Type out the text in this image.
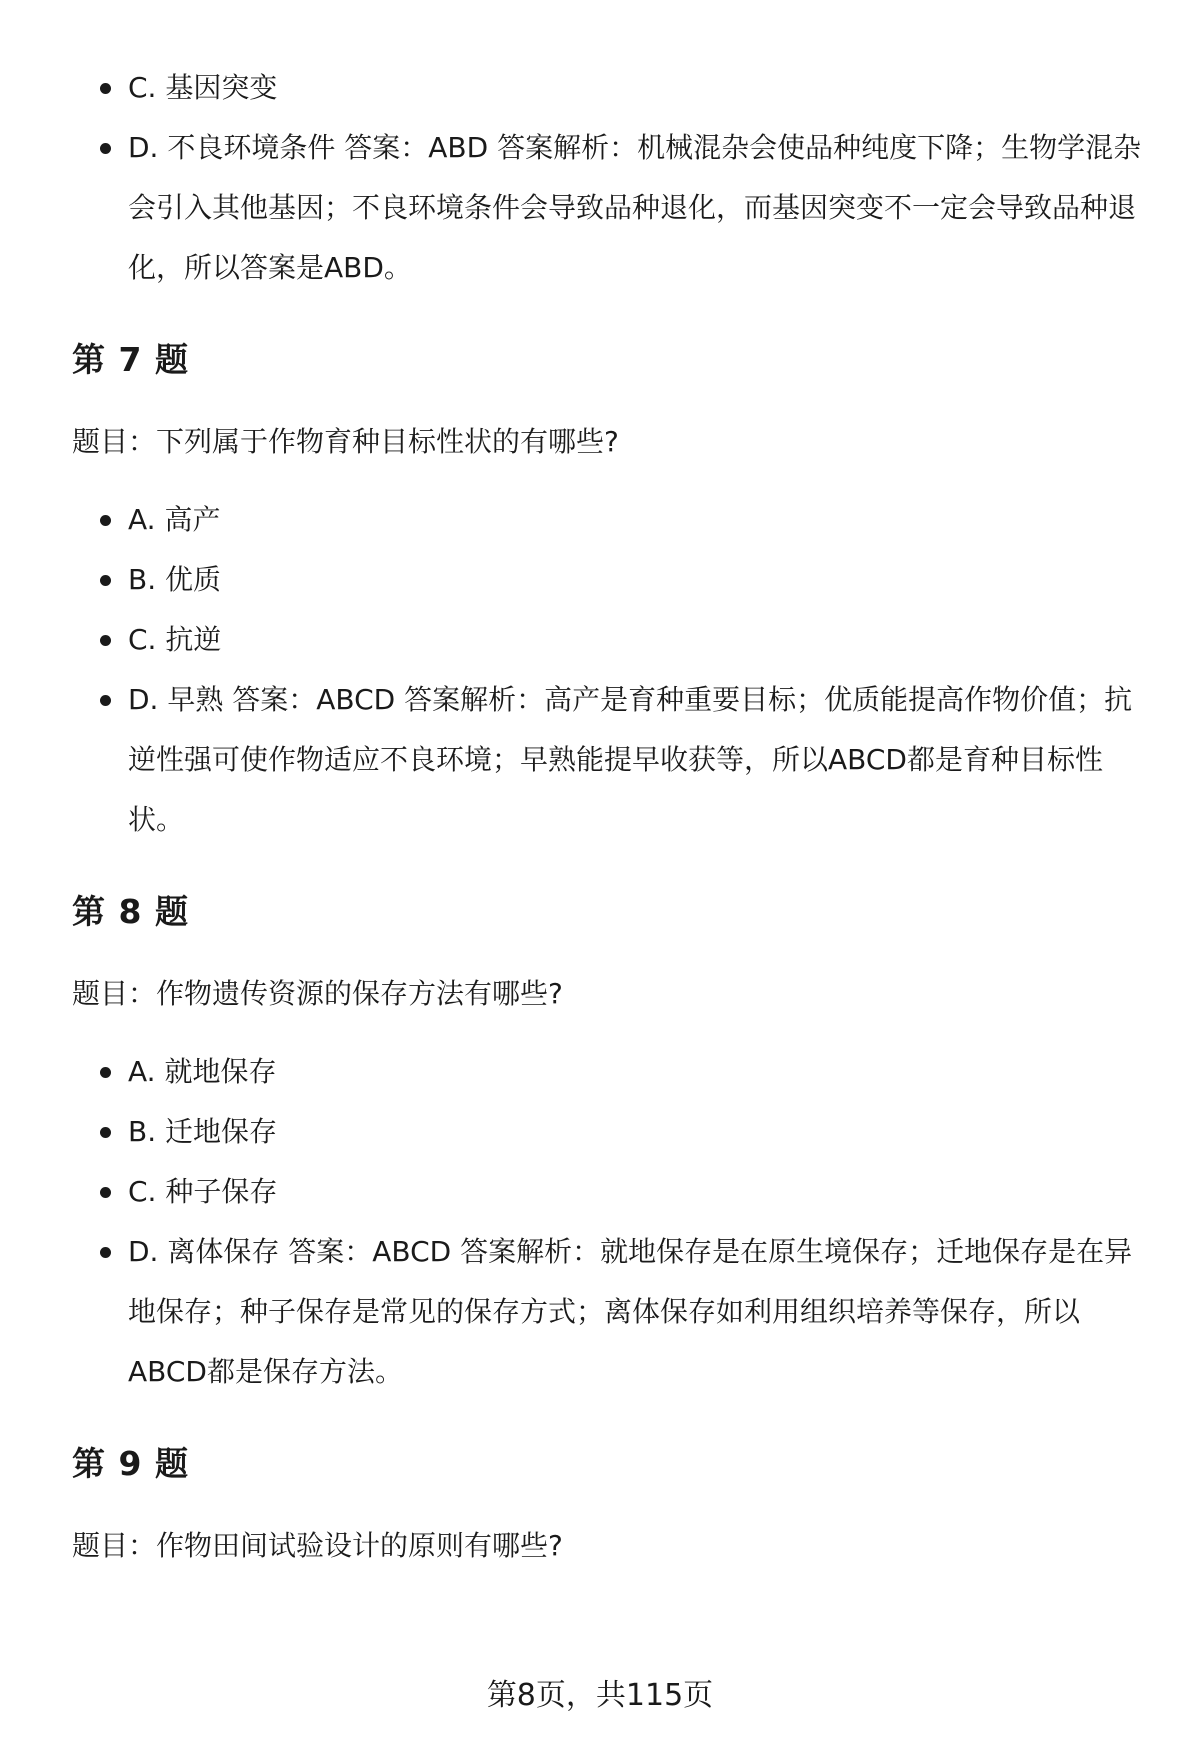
C. 基因突变
D. 不良环境条件 答案：ABD 答案解析：机械混杂会使品种纯度下降；生物学混杂会引入其他基因；不良环境条件会导致品种退化，而基因突变不一定会导致品种退化，所以答案是ABD。
第 7 题

题目：下列属于作物育种目标性状的有哪些?

A. 高产
B. 优质
C. 抗逆
D. 早熟 答案：ABCD 答案解析：高产是育种重要目标；优质能提高作物价值；抗逆性强可使作物适应不良环境；早熟能提早收获等，所以ABCD都是育种目标性状。
第 8 题

题目：作物遗传资源的保存方法有哪些?

A. 就地保存
B. 迁地保存
C. 种子保存
D. 离体保存 答案：ABCD 答案解析：就地保存是在原生境保存；迁地保存是在异地保存；种子保存是常见的保存方式；离体保存如利用组织培养等保存，所以ABCD都是保存方法。
第 9 题

题目：作物田间试验设计的原则有哪些?

第8页，共115页
